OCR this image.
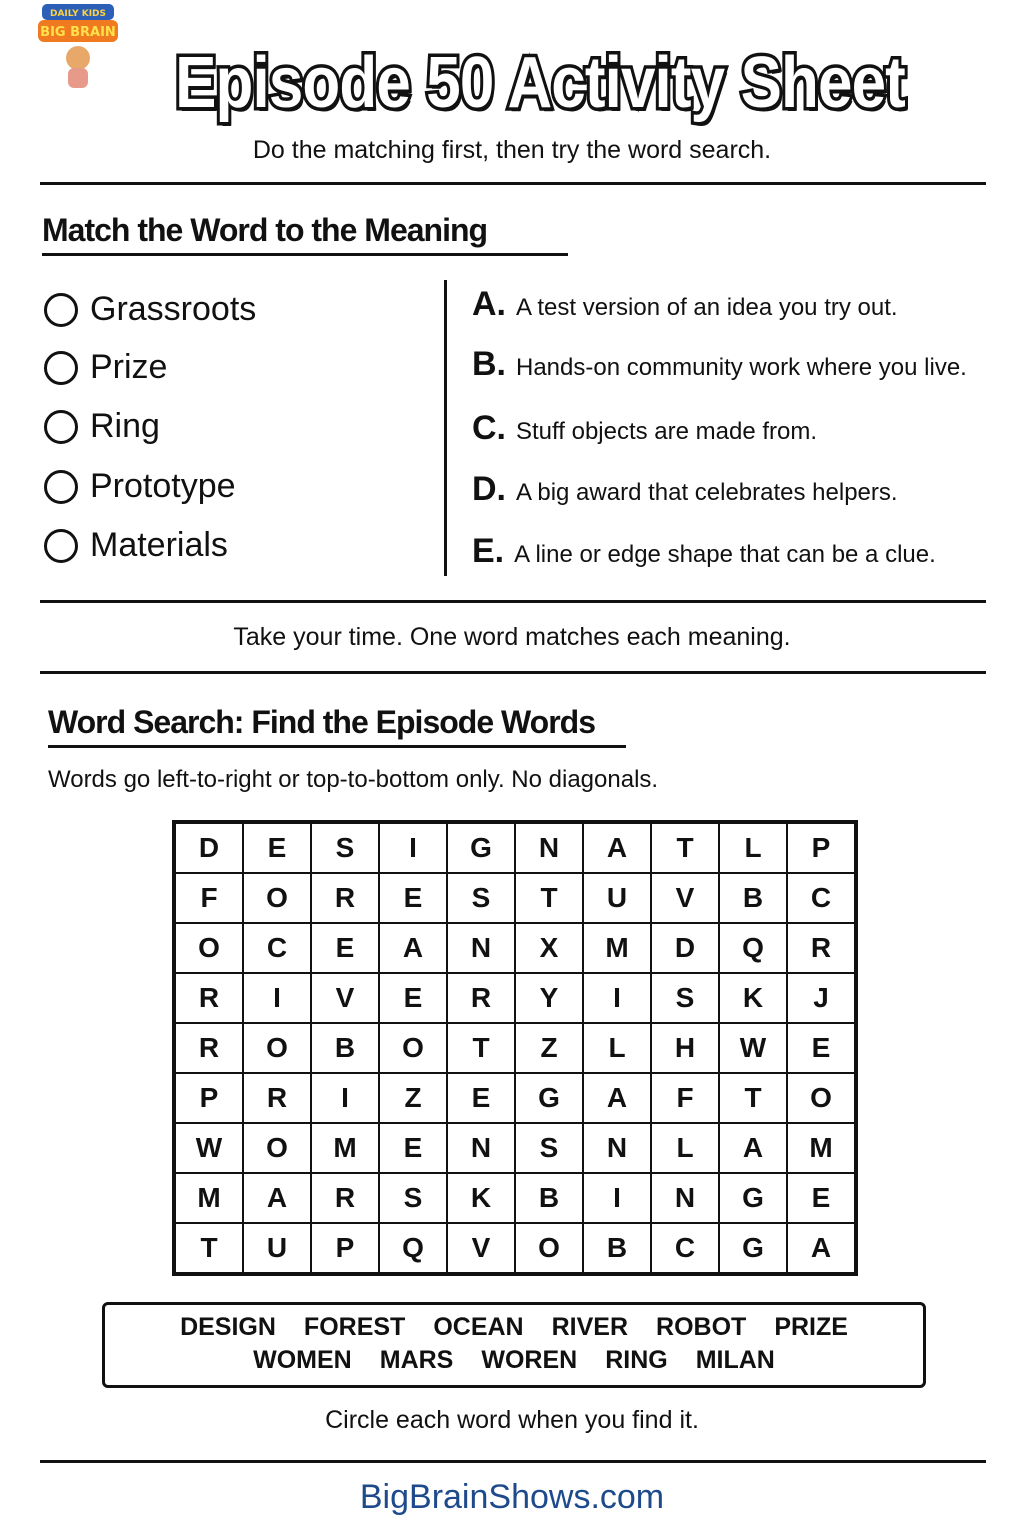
DAILY KIDS
BIG BRAIN
Episode 50 Activity Sheet
Do the matching first, then try the word search.
Match the Word to the Meaning
Grassroots
Prize
Ring
Prototype
Materials
A. A test version of an idea you try out.
B. Hands-on community work where you live.
C. Stuff objects are made from.
D. A big award that celebrates helpers.
E. A line or edge shape that can be a clue.
Take your time. One word matches each meaning.
Word Search: Find the Episode Words
Words go left-to-right or top-to-bottom only. No diagonals.
D	E	S	I	G	N	A	T	L	P
F	O	R	E	S	T	U	V	B	C
O	C	E	A	N	X	M	D	Q	R
R	I	V	E	R	Y	I	S	K	J
R	O	B	O	T	Z	L	H	W	E
P	R	I	Z	E	G	A	F	T	O
W	O	M	E	N	S	N	L	A	M
M	A	R	S	K	B	I	N	G	E
T	U	P	Q	V	O	B	C	G	A
DESIGN FOREST OCEAN RIVER ROBOT PRIZE
WOMEN MARS WOREN RING MILAN
Circle each word when you find it.
BigBrainShows.com
